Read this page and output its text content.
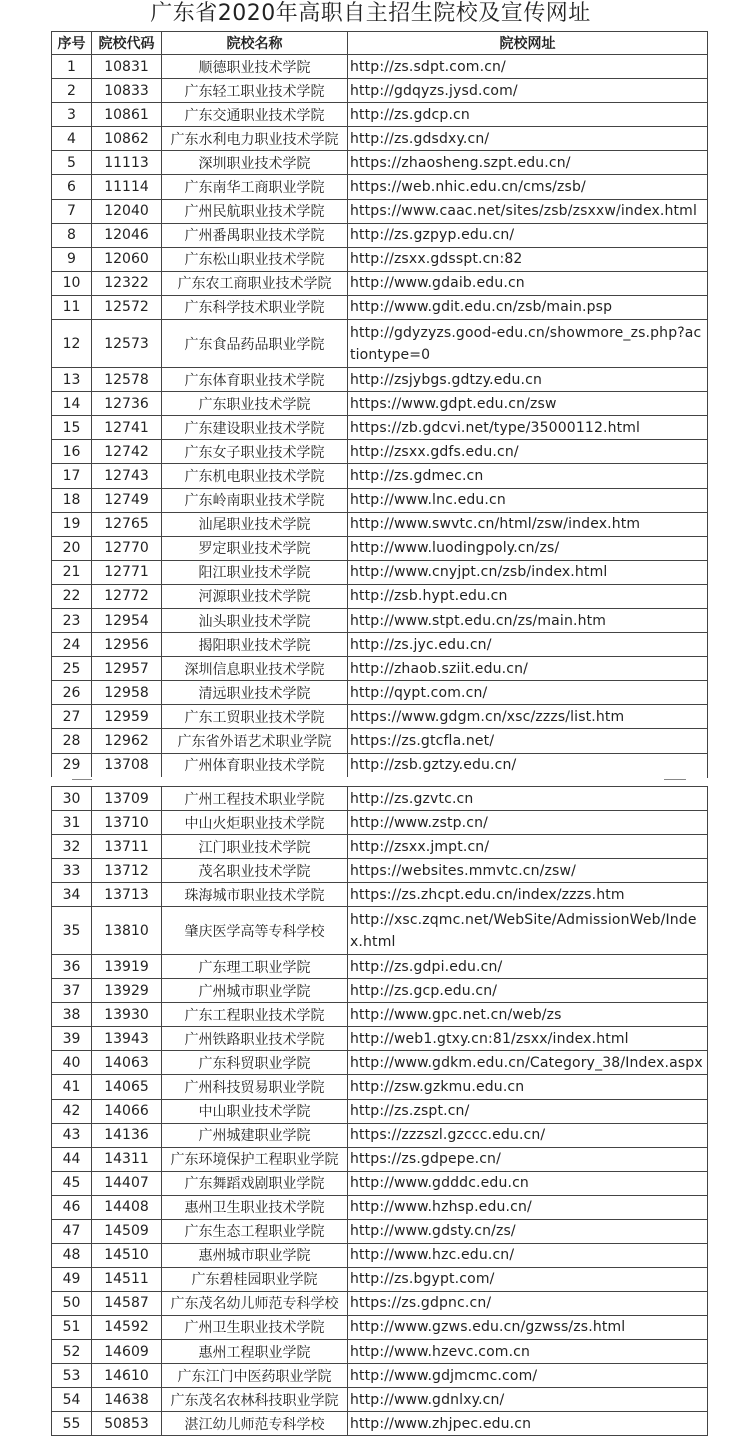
广东省2020年高职自主招生院校及宣传网址
序号	院校代码	院校名称	院校网址
1	10831	顺德职业技术学院	http://zs.sdpt.com.cn/
2	10833	广东轻工职业技术学院	http://gdqyzs.jysd.com/
3	10861	广东交通职业技术学院	http://zs.gdcp.cn
4	10862	广东水利电力职业技术学院	http://zs.gdsdxy.cn/
5	11113	深圳职业技术学院	https://zhaosheng.szpt.edu.cn/
6	11114	广东南华工商职业学院	https://web.nhic.edu.cn/cms/zsb/
7	12040	广州民航职业技术学院	https://www.caac.net/sites/zsb/zsxxw/index.html
8	12046	广州番禺职业技术学院	http://zs.gzpyp.edu.cn/
9	12060	广东松山职业技术学院	http://zsxx.gdsspt.cn:82
10	12322	广东农工商职业技术学院	http://www.gdaib.edu.cn
11	12572	广东科学技术职业学院	http://www.gdit.edu.cn/zsb/main.psp
12	12573	广东食品药品职业学院	http://gdyzyzs.good-edu.cn/showmore_zs.php?actiontype=0
13	12578	广东体育职业技术学院	http://zsjybgs.gdtzy.edu.cn
14	12736	广东职业技术学院	https://www.gdpt.edu.cn/zsw
15	12741	广东建设职业技术学院	https://zb.gdcvi.net/type/35000112.html
16	12742	广东女子职业技术学院	http://zsxx.gdfs.edu.cn/
17	12743	广东机电职业技术学院	http://zs.gdmec.cn
18	12749	广东岭南职业技术学院	http://www.lnc.edu.cn
19	12765	汕尾职业技术学院	http://www.swvtc.cn/html/zsw/index.htm
20	12770	罗定职业技术学院	http://www.luodingpoly.cn/zs/
21	12771	阳江职业技术学院	http://www.cnyjpt.cn/zsb/index.html
22	12772	河源职业技术学院	http://zsb.hypt.edu.cn
23	12954	汕头职业技术学院	http://www.stpt.edu.cn/zs/main.htm
24	12956	揭阳职业技术学院	http://zs.jyc.edu.cn/
25	12957	深圳信息职业技术学院	http://zhaob.sziit.edu.cn/
26	12958	清远职业技术学院	http://qypt.com.cn/
27	12959	广东工贸职业技术学院	https://www.gdgm.cn/xsc/zzzs/list.htm
28	12962	广东省外语艺术职业学院	https://zs.gtcfla.net/
29	13708	广州体育职业技术学院	http://zsb.gztzy.edu.cn/
30	13709	广州工程技术职业学院	http://zs.gzvtc.cn
31	13710	中山火炬职业技术学院	http://www.zstp.cn/
32	13711	江门职业技术学院	http://zsxx.jmpt.cn/
33	13712	茂名职业技术学院	https://websites.mmvtc.cn/zsw/
34	13713	珠海城市职业技术学院	https://zs.zhcpt.edu.cn/index/zzzs.htm
35	13810	肇庆医学高等专科学校	http://xsc.zqmc.net/WebSite/AdmissionWeb/Index.html
36	13919	广东理工职业学院	http://zs.gdpi.edu.cn/
37	13929	广州城市职业学院	http://zs.gcp.edu.cn/
38	13930	广东工程职业技术学院	http://www.gpc.net.cn/web/zs
39	13943	广州铁路职业技术学院	http://web1.gtxy.cn:81/zsxx/index.html
40	14063	广东科贸职业学院	http://www.gdkm.edu.cn/Category_38/Index.aspx
41	14065	广州科技贸易职业学院	http://zsw.gzkmu.edu.cn
42	14066	中山职业技术学院	http://zs.zspt.cn/
43	14136	广州城建职业学院	https://zzzszl.gzccc.edu.cn/
44	14311	广东环境保护工程职业学院	https://zs.gdpepe.cn/
45	14407	广东舞蹈戏剧职业学院	http://www.gdddc.edu.cn
46	14408	惠州卫生职业技术学院	http://www.hzhsp.edu.cn/
47	14509	广东生态工程职业学院	http://www.gdsty.cn/zs/
48	14510	惠州城市职业学院	http://www.hzc.edu.cn/
49	14511	广东碧桂园职业学院	http://zs.bgypt.com/
50	14587	广东茂名幼儿师范专科学校	https://zs.gdpnc.cn/
51	14592	广州卫生职业技术学院	http://www.gzws.edu.cn/gzwss/zs.html
52	14609	惠州工程职业学院	http://www.hzevc.com.cn
53	14610	广东江门中医药职业学院	http://www.gdjmcmc.com/
54	14638	广东茂名农林科技职业学院	http://www.gdnlxy.cn/
55	50853	湛江幼儿师范专科学校	http://www.zhjpec.edu.cn
